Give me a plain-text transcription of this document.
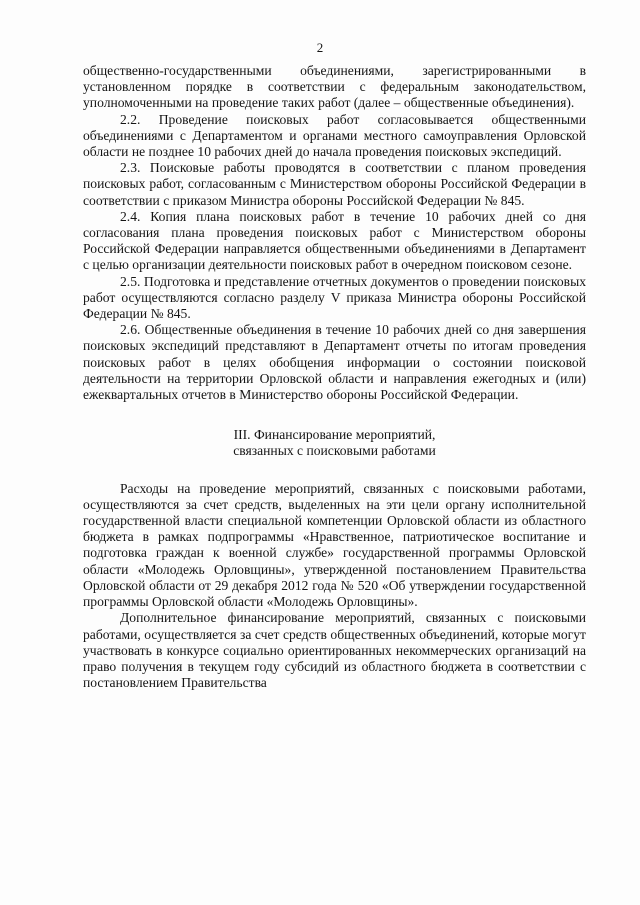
2

общественно-государственными объединениями, зарегистрированными в установленном порядке в соответствии с федеральным законодательством, уполномоченными на проведение таких работ (далее – общественные объединения).

2.2. Проведение поисковых работ согласовывается общественными объединениями с Департаментом и органами местного самоуправления Орловской области не позднее 10 рабочих дней до начала проведения поисковых экспедиций.

2.3. Поисковые работы проводятся в соответствии с планом проведения поисковых работ, согласованным с Министерством обороны Российской Федерации в соответствии с приказом Министра обороны Российской Федерации № 845.

2.4. Копия плана поисковых работ в течение 10 рабочих дней со дня согласования плана проведения поисковых работ с Министерством обороны Российской Федерации направляется общественными объединениями в Департамент с целью организации деятельности поисковых работ в очередном поисковом сезоне.

2.5. Подготовка и представление отчетных документов о проведении поисковых работ осуществляются согласно разделу V приказа Министра обороны Российской Федерации № 845.

2.6. Общественные объединения в течение 10 рабочих дней со дня завершения поисковых экспедиций представляют в Департамент отчеты по итогам проведения поисковых работ в целях обобщения информации о состоянии поисковой деятельности на территории Орловской области и направления ежегодных и (или) ежеквартальных отчетов в Министерство обороны Российской Федерации.

III. Финансирование мероприятий,
связанных с поисковыми работами

Расходы на проведение мероприятий, связанных с поисковыми работами, осуществляются за счет средств, выделенных на эти цели органу исполнительной государственной власти специальной компетенции Орловской области из областного бюджета в рамках подпрограммы «Нравственное, патриотическое воспитание и подготовка граждан к военной службе» государственной программы Орловской области «Молодежь Орловщины», утвержденной постановлением Правительства Орловской области от 29 декабря 2012 года № 520 «Об утверждении государственной программы Орловской области «Молодежь Орловщины».

Дополнительное финансирование мероприятий, связанных с поисковыми работами, осуществляется за счет средств общественных объединений, которые могут участвовать в конкурсе социально ориентированных некоммерческих организаций на право получения в текущем году субсидий из областного бюджета в соответствии с постановлением Правительства
